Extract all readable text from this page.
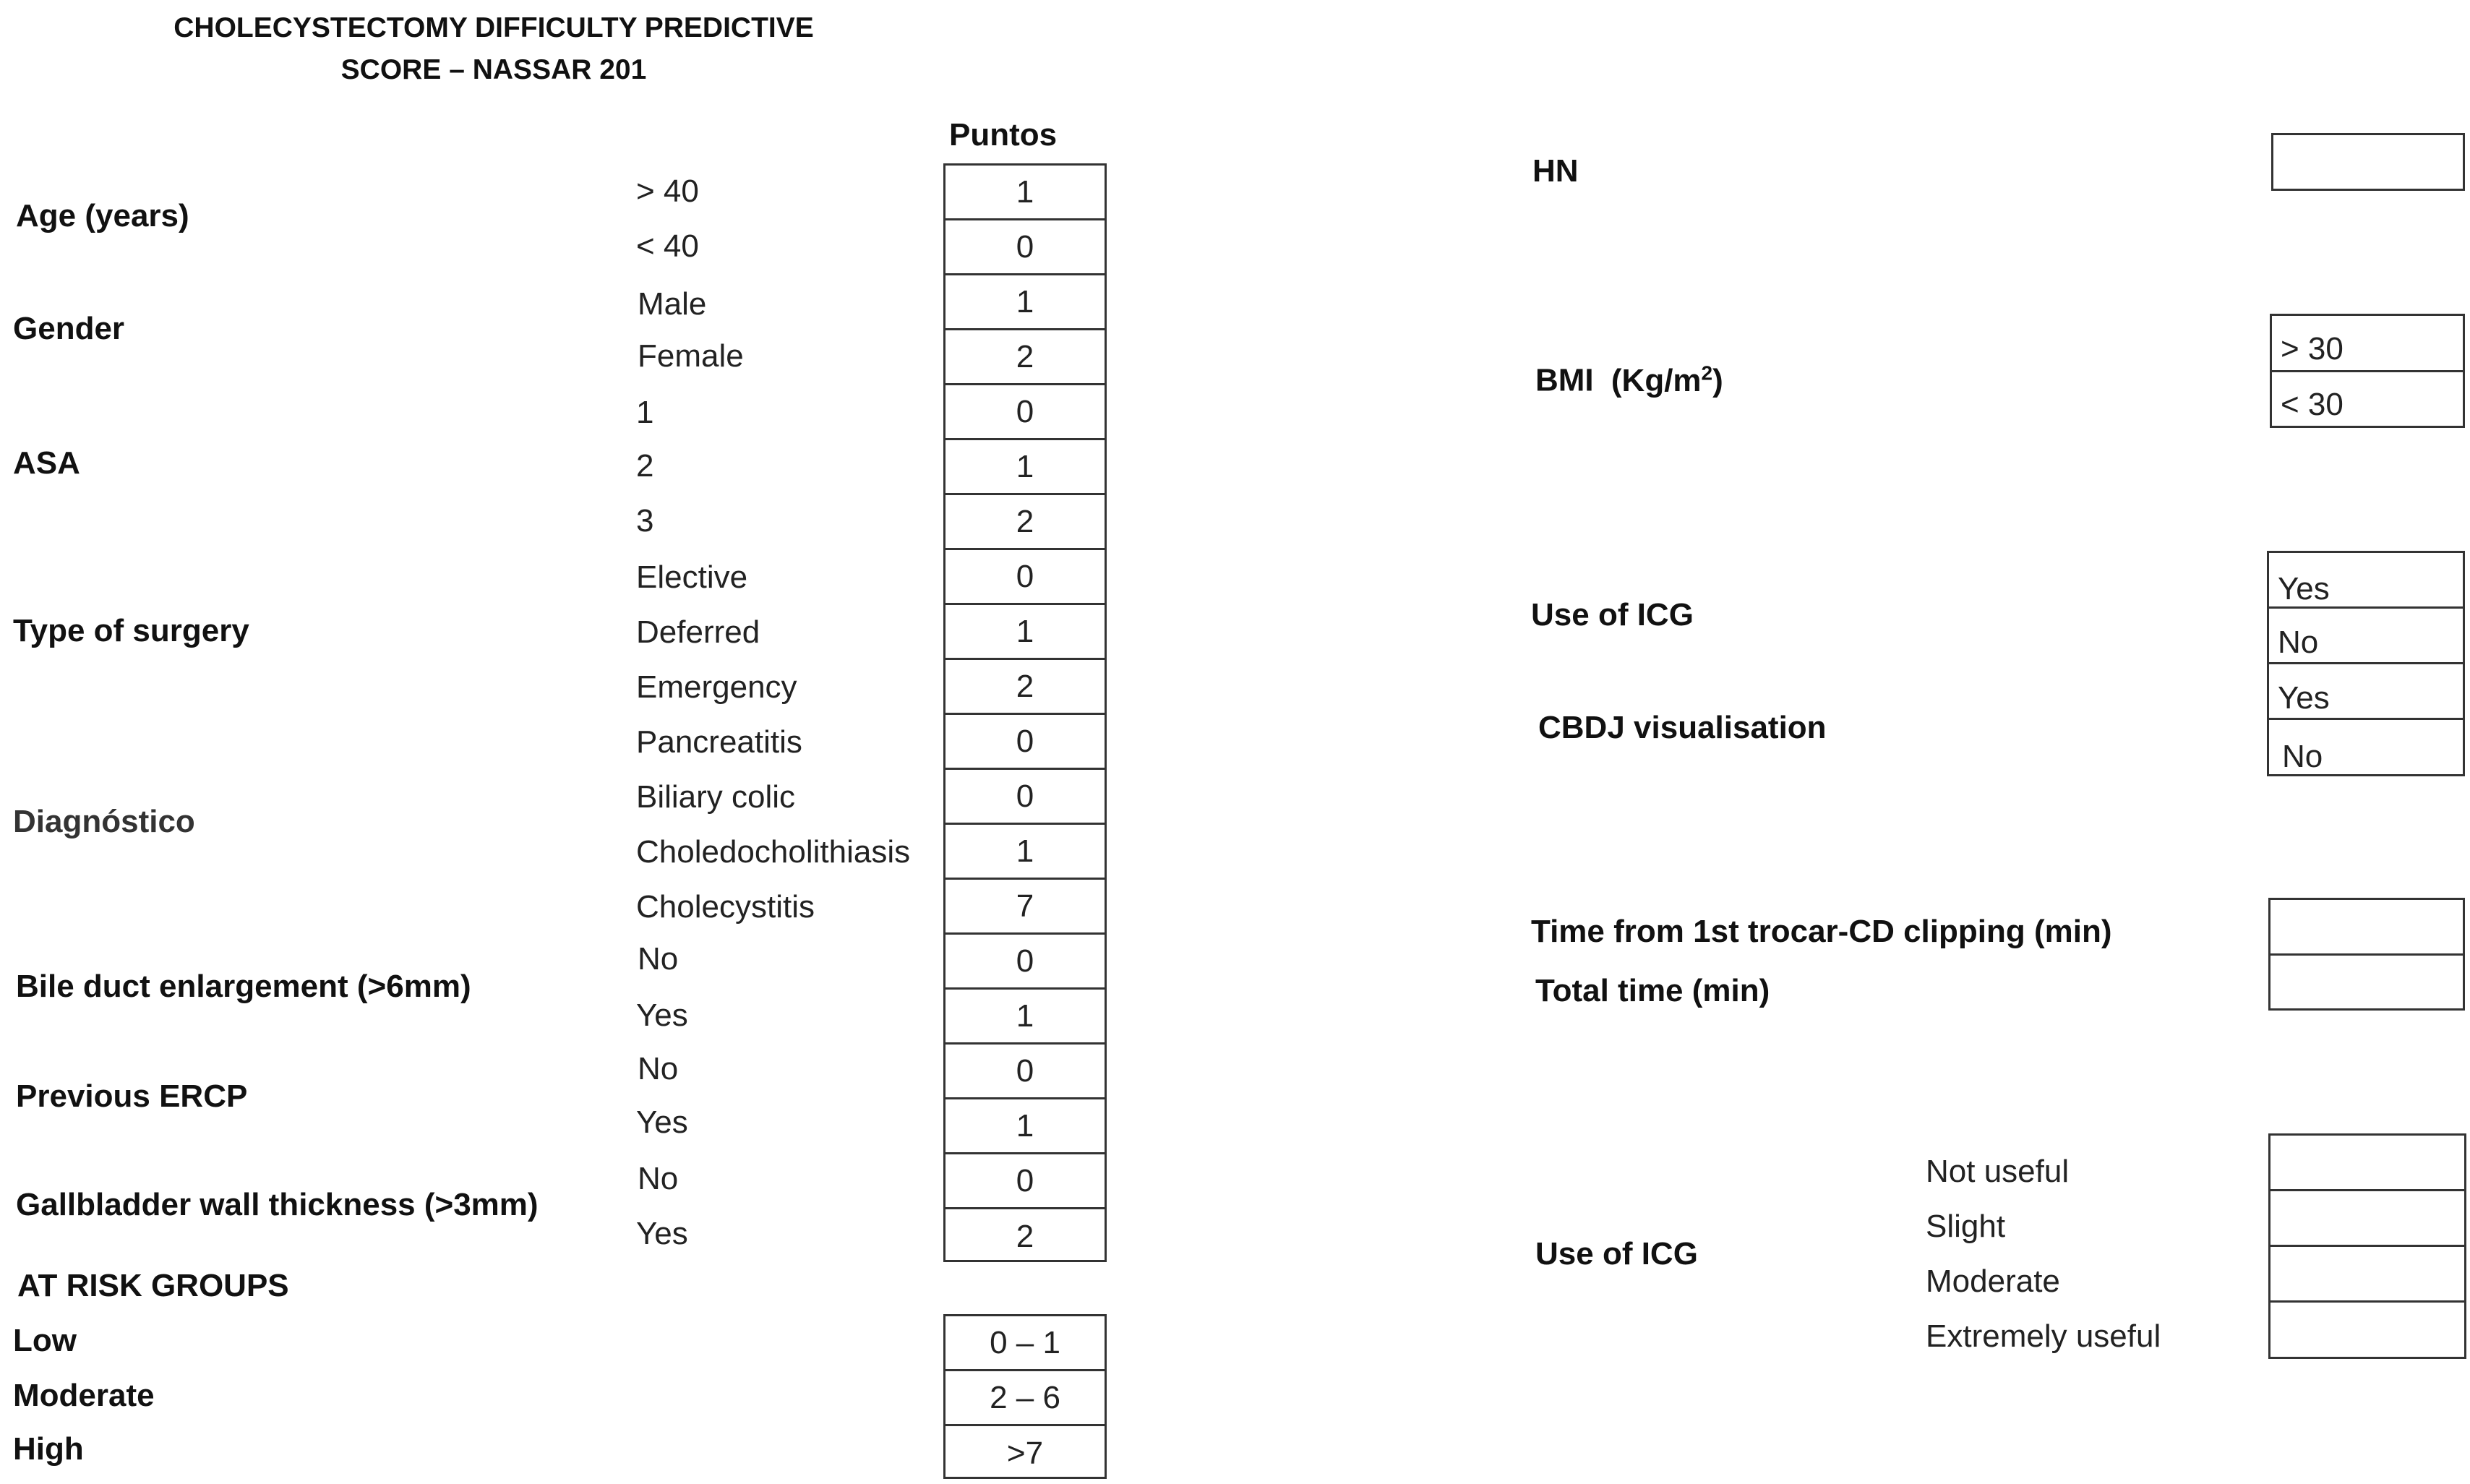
CHOLECYSTECTOMY DIFFICULTY PREDICTIVE
SCORE – NASSAR 201
Puntos
Age (years)
Gender
ASA
Type of surgery
Diagnóstico
Bile duct enlargement (>6mm)
Previous ERCP
Gallbladder wall thickness (>3mm)
> 40
< 40
Male
Female
1
2
3
Elective
Deferred
Emergency
Pancreatitis
Biliary colic
Choledocholithiasis
Cholecystitis
No
Yes
No
Yes
No
Yes
1
0
1
2
0
1
2
0
1
2
0
0
1
7
0
1
0
1
0
2
AT RISK GROUPS
Low
Moderate
High
0 – 1
2 – 6
>7
HN
BMI $(Kg/m^2)$
> 30
< 30
Use of ICG
CBDJ visualisation
Yes
No
Yes
No
Time from 1st trocar-CD clipping (min)
Total time (min)
Use of ICG
Not useful
Slight
Moderate
Extremely useful
